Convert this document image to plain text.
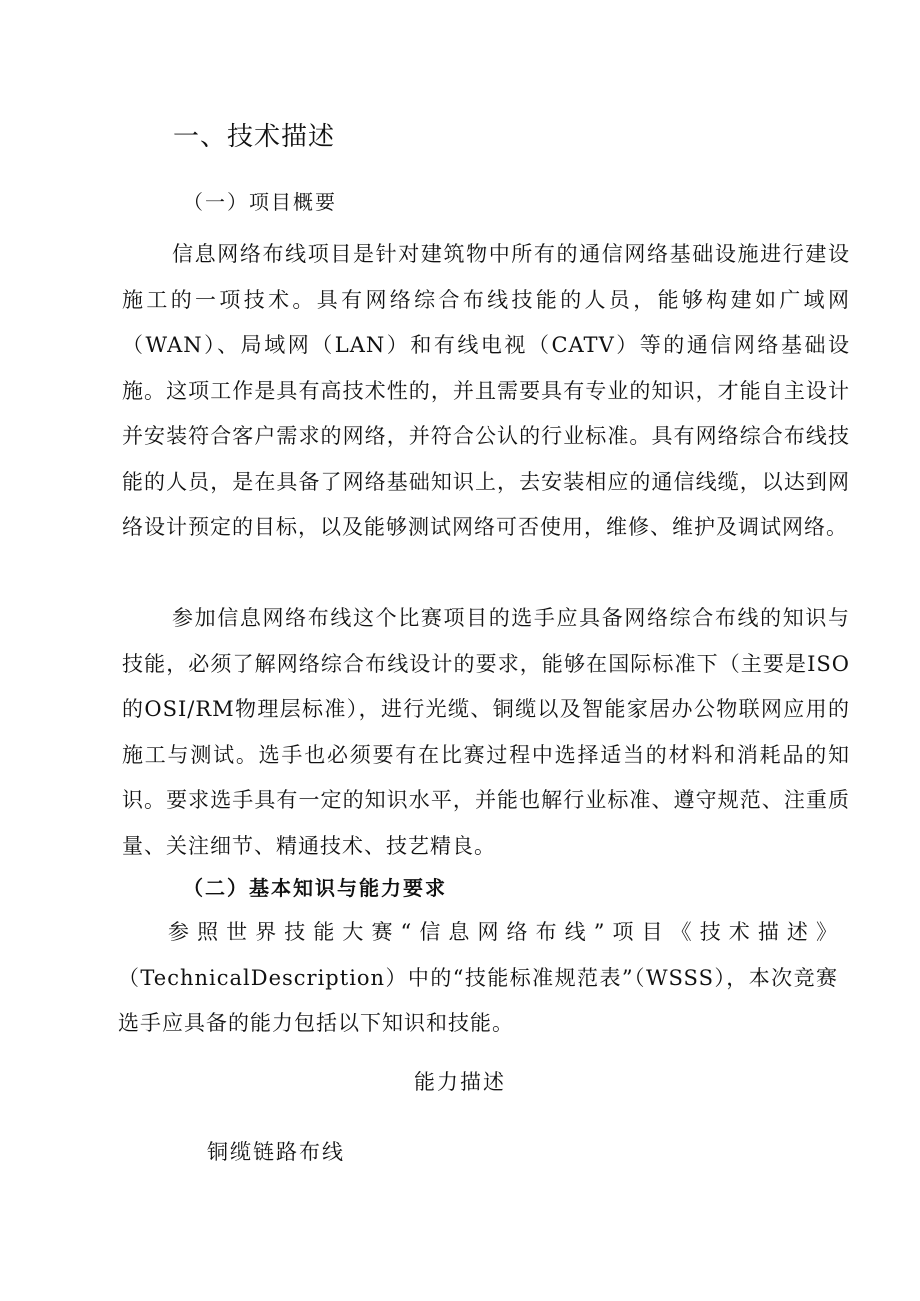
一、技术描述
（一）项目概要
信息网络布线项目是针对建筑物中所有的通信网络基础设施进行建设施工的一项技术。具有网络综合布线技能的人员，能够构建如广域网（WAN）、局域网（LAN）和有线电视（CATV）等的通信网络基础设施。这项工作是具有高技术性的，并且需要具有专业的知识，才能自主设计并安装符合客户需求的网络，并符合公认的行业标准。具有网络综合布线技能的人员，是在具备了网络基础知识上，去安装相应的通信线缆，以达到网络设计预定的目标，以及能够测试网络可否使用，维修、维护及调试网络。
参加信息网络布线这个比赛项目的选手应具备网络综合布线的知识与技能，必须了解网络综合布线设计的要求，能够在国际标准下（主要是ISO的OSI/RM物理层标准），进行光缆、铜缆以及智能家居办公物联网应用的施工与测试。选手也必须要有在比赛过程中选择适当的材料和消耗品的知识。要求选手具有一定的知识水平，并能也解行业标准、遵守规范、注重质量、关注细节、精通技术、技艺精良。
（二）基本知识与能力要求
参照世界技能大赛“信息网络布线”项目《技术描述》（TechnicalDescription）中的“技能标准规范表”（WSSS），本次竞赛选手应具备的能力包括以下知识和技能。
能力描述
铜缆链路布线
